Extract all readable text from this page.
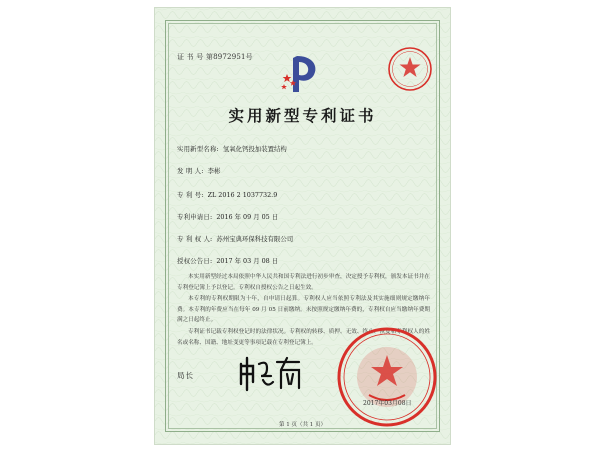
证 书 号 第8972951号
实用新型专利证书
实用新型名称: 氢氧化钙投加装置结构
发 明 人: 李彬
专 利 号: ZL 2016 2 1037732.9
专利申请日: 2016 年 09 月 05 日
专 利 权 人: 苏州宝典环保科技有限公司
授权公告日: 2017 年 03 月 08 日
本实用新型经过本局依照中华人民共和国专利法进行初步审查，决定授予专利权，颁发本证书并在专利登记簿上予以登记。专利权自授权公告之日起生效。
本专利的专利权期限为十年，自申请日起算。专利权人应当依照专利法及其实施细则规定缴纳年费。本专利的年费应当在每年 09 月 05 日前缴纳。未按照规定缴纳年费的，专利权自应当缴纳年费期满之日起终止。
专利证书记载专利权登记时的法律状况。专利权的转移、质押、无效、终止、恢复和专利权人的姓名或名称、国籍、地址变更等事项记载在专利登记簿上。
局长
2017年03月08日
第 1 页（共 1 页）
